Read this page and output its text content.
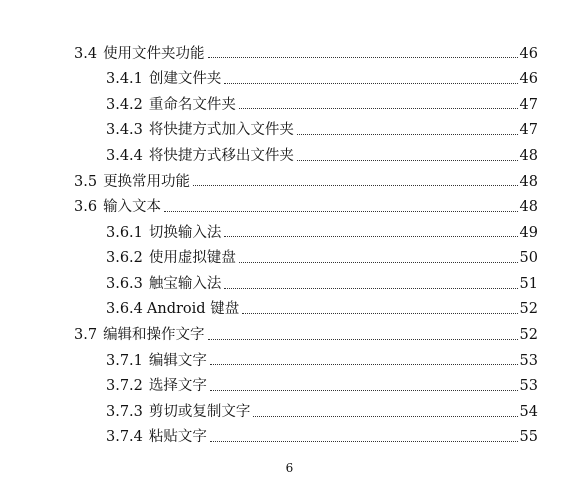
3.4 使用文件夹功能	46
3.4.1 创建文件夹	46
3.4.2 重命名文件夹	47
3.4.3 将快捷方式加入文件夹	47
3.4.4 将快捷方式移出文件夹	48
3.5 更换常用功能	48
3.6 输入文本	48
3.6.1 切换输入法	49
3.6.2 使用虚拟键盘	50
3.6.3 触宝输入法	51
3.6.4 Android 键盘	52
3.7 编辑和操作文字	52
3.7.1 编辑文字	53
3.7.2 选择文字	53
3.7.3 剪切或复制文字	54
3.7.4 粘贴文字	55
6
